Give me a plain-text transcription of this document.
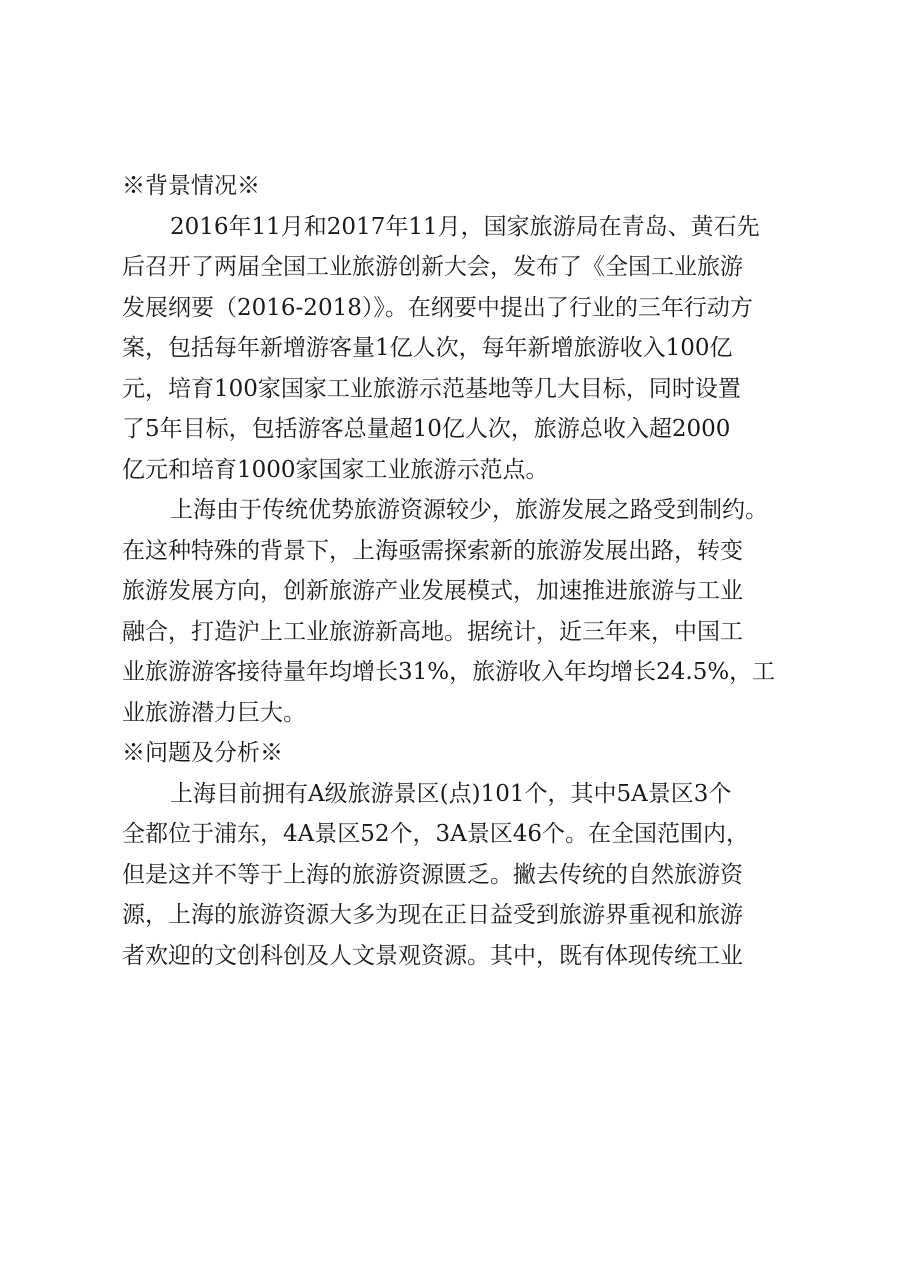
※背景情况※
2016年11月和2017年11月，国家旅游局在青岛、黄石先
后召开了两届全国工业旅游创新大会，发布了《全国工业旅游
发展纲要（2016-2018）》。在纲要中提出了行业的三年行动方
案，包括每年新增游客量1亿人次，每年新增旅游收入100亿
元，培育100家国家工业旅游示范基地等几大目标，同时设置
了5年目标，包括游客总量超10亿人次，旅游总收入超2000
亿元和培育1000家国家工业旅游示范点。
上海由于传统优势旅游资源较少，旅游发展之路受到制约。
在这种特殊的背景下，上海亟需探索新的旅游发展出路，转变
旅游发展方向，创新旅游产业发展模式，加速推进旅游与工业
融合，打造沪上工业旅游新高地。据统计，近三年来，中国工
业旅游游客接待量年均增长31%，旅游收入年均增长24.5%，工
业旅游潜力巨大。
※问题及分析※
上海目前拥有A级旅游景区(点)101个，其中5A景区3个
全都位于浦东，4A景区52个，3A景区46个。在全国范围内，
但是这并不等于上海的旅游资源匮乏。撇去传统的自然旅游资
源，上海的旅游资源大多为现在正日益受到旅游界重视和旅游
者欢迎的文创科创及人文景观资源。其中，既有体现传统工业
